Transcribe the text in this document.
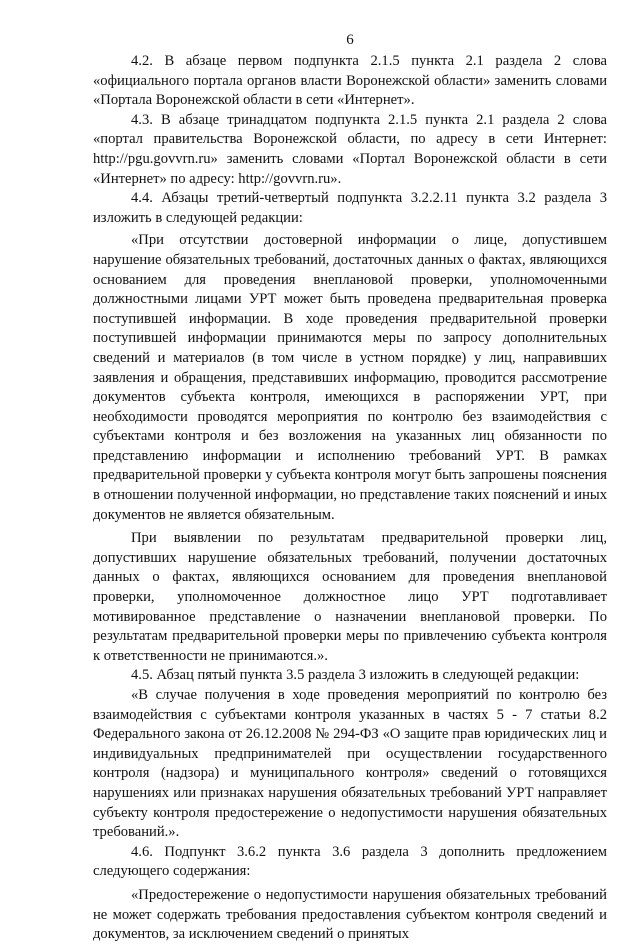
6

4.2. В абзаце первом подпункта 2.1.5 пункта 2.1 раздела 2 слова «официального портала органов власти Воронежской области» заменить словами «Портала Воронежской области в сети «Интернет».

4.3. В абзаце тринадцатом подпункта 2.1.5 пункта 2.1 раздела 2 слова «портал правительства Воронежской области, по адресу в сети Интернет: http://pgu.govvrn.ru» заменить словами «Портал Воронежской области в сети «Интернет» по адресу: http://govvrn.ru».

4.4. Абзацы третий-четвертый подпункта 3.2.2.11 пункта 3.2 раздела 3 изложить в следующей редакции:

«При отсутствии достоверной информации о лице, допустившем нарушение обязательных требований, достаточных данных о фактах, являющихся основанием для проведения внеплановой проверки, уполномоченными должностными лицами УРТ может быть проведена предварительная проверка поступившей информации. В ходе проведения предварительной проверки поступившей информации принимаются меры по запросу дополнительных сведений и материалов (в том числе в устном порядке) у лиц, направивших заявления и обращения, представивших информацию, проводится рассмотрение документов субъекта контроля, имеющихся в распоряжении УРТ, при необходимости проводятся мероприятия по контролю без взаимодействия с субъектами контроля и без возложения на указанных лиц обязанности по представлению информации и исполнению требований УРТ. В рамках предварительной проверки у субъекта контроля могут быть запрошены пояснения в отношении полученной информации, но представление таких пояснений и иных документов не является обязательным.

При выявлении по результатам предварительной проверки лиц, допустивших нарушение обязательных требований, получении достаточных данных о фактах, являющихся основанием для проведения внеплановой проверки, уполномоченное должностное лицо УРТ подготавливает мотивированное представление о назначении внеплановой проверки. По результатам предварительной проверки меры по привлечению субъекта контроля к ответственности не принимаются.».

4.5. Абзац пятый пункта 3.5 раздела 3 изложить в следующей редакции:

«В случае получения в ходе проведения мероприятий по контролю без взаимодействия с субъектами контроля указанных в частях 5 - 7 статьи 8.2 Федерального закона от 26.12.2008 № 294-ФЗ «О защите прав юридических лиц и индивидуальных предпринимателей при осуществлении государственного контроля (надзора) и муниципального контроля» сведений о готовящихся нарушениях или признаках нарушения обязательных требований УРТ направляет субъекту контроля предостережение о недопустимости нарушения обязательных требований.».

4.6. Подпункт 3.6.2 пункта 3.6 раздела 3 дополнить предложением следующего содержания:

«Предостережение о недопустимости нарушения обязательных требований не может содержать требования предоставления субъектом контроля сведений и документов, за исключением сведений о принятых
